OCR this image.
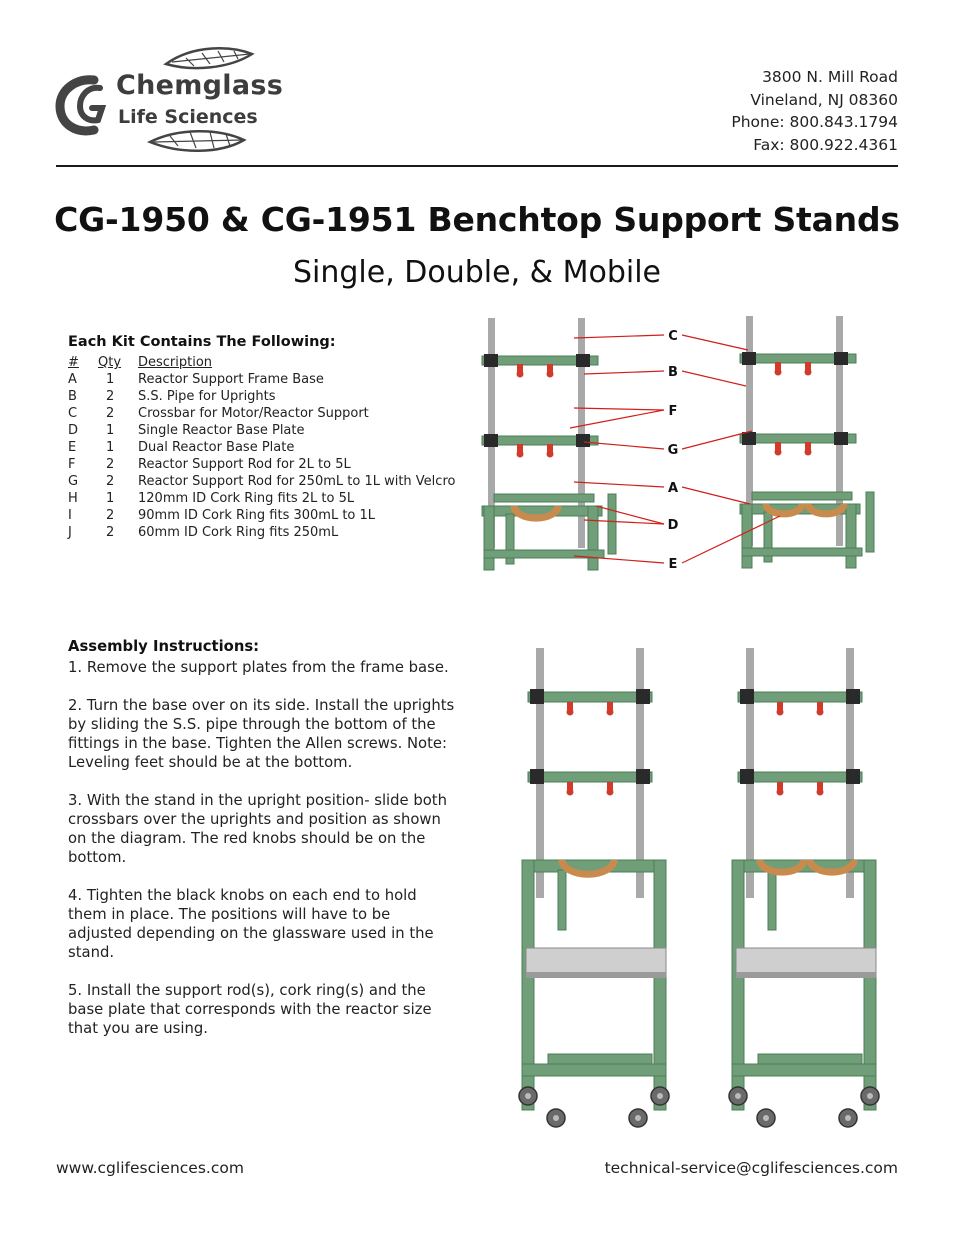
Chemglass
Life Sciences
3800 N. Mill Road
Vineland, NJ 08360
Phone: 800.843.1794
Fax: 800.922.4361
CG-1950 & CG-1951 Benchtop Support Stands
Single, Double, & Mobile
Each Kit Contains The Following:
#	Qty	Description
A	1	Reactor Support Frame Base
B	2	S.S. Pipe for Uprights
C	2	Crossbar for Motor/Reactor Support
D	1	Single Reactor Base Plate
E	1	Dual Reactor Base Plate
F	2	Reactor Support Rod for 2L to 5L
G	2	Reactor Support Rod for 250mL to 1L with Velcro
H	1	120mm ID Cork Ring fits 2L to 5L
I	2	90mm ID Cork Ring fits 300mL to 1L
J	2	60mm ID Cork Ring fits 250mL
C
B
F
G
A
D
E
Assembly Instructions:

1. Remove the support plates from the frame base.

2. Turn the base over on its side. Install the uprights by sliding the S.S. pipe through the bottom of the fittings in the base. Tighten the Allen screws. Note: Leveling feet should be at the bottom.

3. With the stand in the upright position- slide both crossbars over the uprights and position as shown on the diagram. The red knobs should be on the bottom.

4. Tighten the black knobs on each end to hold them in place. The positions will have to be adjusted depending on the glassware used in the stand.

5. Install the support rod(s), cork ring(s) and the base plate that corresponds with the reactor size that you are using.

www.cglifesciences.com	technical-service@cglifesciences.com
